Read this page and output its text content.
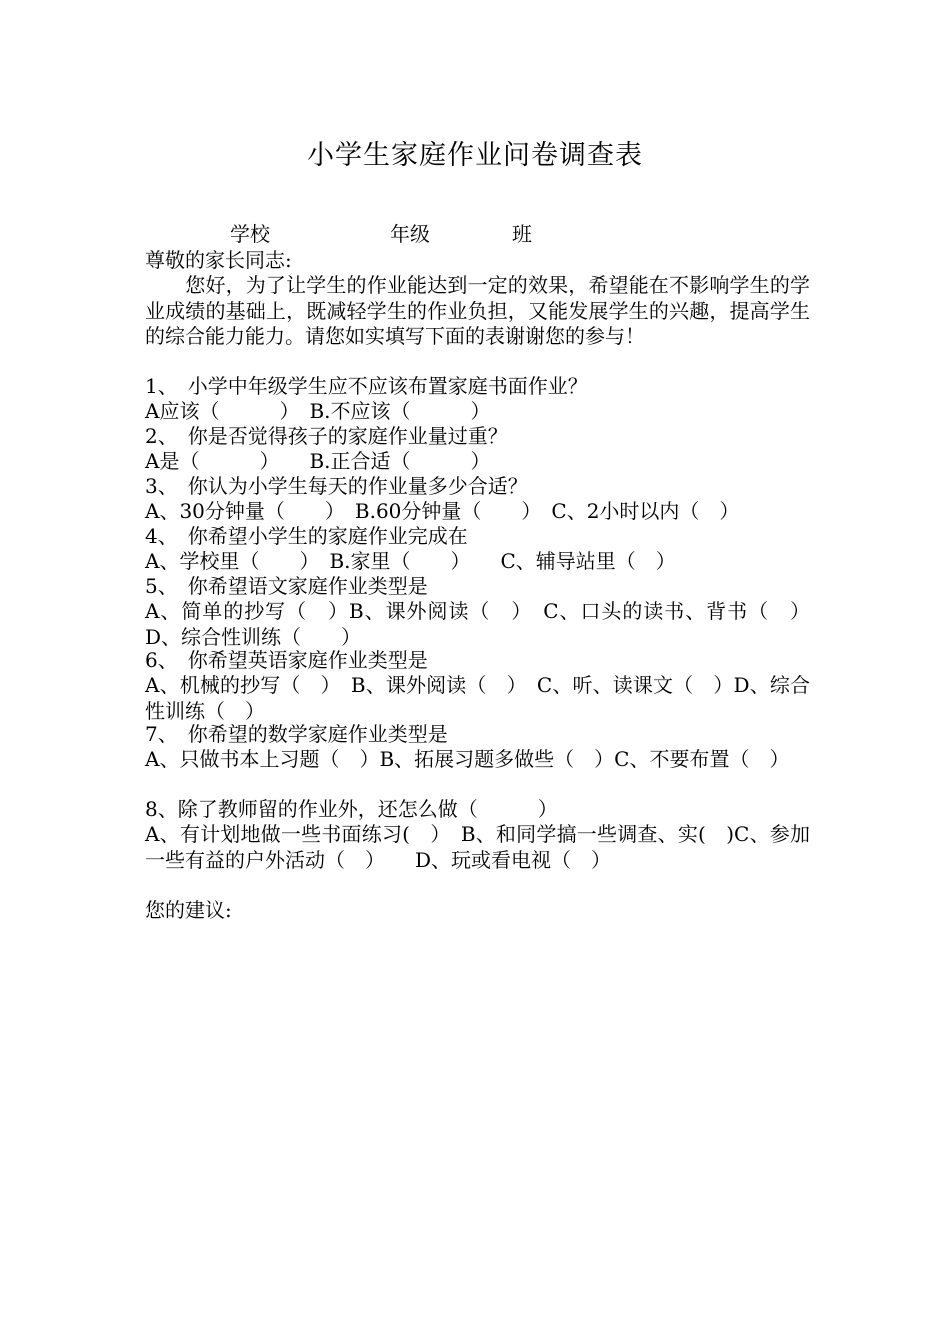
小学生家庭作业问卷调查表
学校	年级	班
尊敬的家长同志:
　　您好，为了让学生的作业能达到一定的效果，希望能在不影响学生的学业成绩的基础上，既减轻学生的作业负担，又能发展学生的兴趣，提高学生的综合能力能力。请您如实填写下面的表谢谢您的参与！
1、　小学中年级学生应不应该布置家庭书面作业？
A应该（　　　）　B.不应该（　　　）
2、　你是否觉得孩子的家庭作业量过重？
A是（　　　）　　B.正合适（　　　）
3、　你认为小学生每天的作业量多少合适？
A、30分钟量（　　）　B.60分钟量（　　）　C、2小时以内（　）
4、　你希望小学生的家庭作业完成在
A、学校里（　　）　B.家里（　　）　　C、辅导站里（　）
5、　你希望语文家庭作业类型是
A、简单的抄写（　）B、课外阅读（　）　C、口头的读书、背书（　）D、综合性训练（　　）
6、　你希望英语家庭作业类型是
A、机械的抄写（　）　B、课外阅读（　）　C、听、读课文（　）D、综合性训练（　）
7、　你希望的数学家庭作业类型是
A、只做书本上习题（　）B、拓展习题多做些（　）C、不要布置（　）
8、除了教师留的作业外，还怎么做（　　　）
A、有计划地做一些书面练习(　）　B、和同学搞一些调查、实(　)C、参加一些有益的户外活动（　）　　D、玩或看电视（　）
您的建议:
